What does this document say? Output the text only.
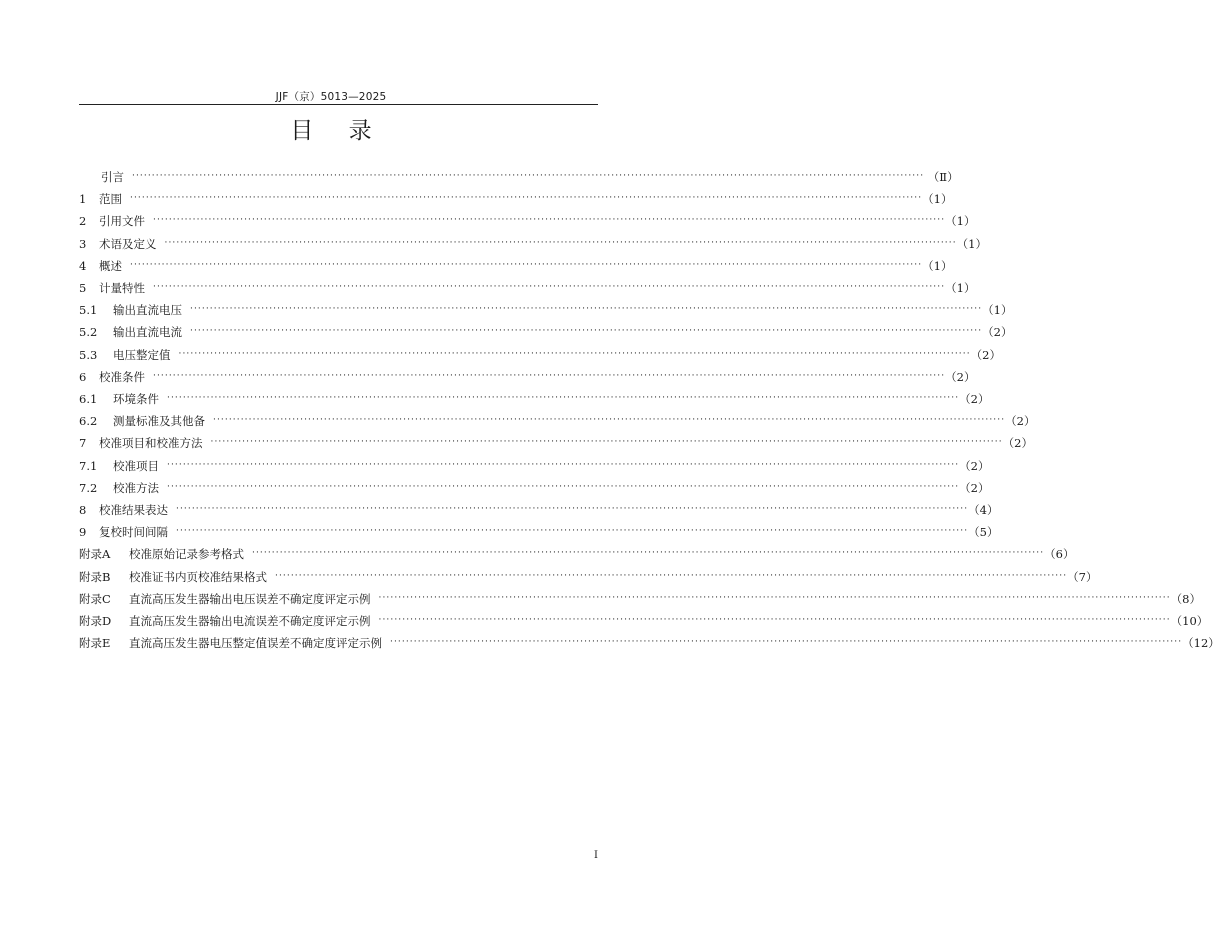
JJF（京）5013—2025
目 录
引言 ········································································································································································································ （Ⅱ）
1	范围 ········································································································································································································ （1）
2	引用文件 ········································································································································································································ （1）
3	术语及定义 ········································································································································································································ （1）
4	概述 ········································································································································································································ （1）
5	计量特性 ········································································································································································································ （1）
5.1	输出直流电压 ········································································································································································································ （1）
5.2	输出直流电流 ········································································································································································································ （2）
5.3	电压整定值 ········································································································································································································ （2）
6	校准条件 ········································································································································································································ （2）
6.1	环境条件 ········································································································································································································ （2）
6.2	测量标准及其他备 ········································································································································································································ （2）
7	校准项目和校准方法 ········································································································································································································ （2）
7.1	校准项目 ········································································································································································································ （2）
7.2	校准方法 ········································································································································································································ （2）
8	校准结果表达 ········································································································································································································ （4）
9	复校时间间隔 ········································································································································································································ （5）
附录A	校准原始记录参考格式 ········································································································································································································ （6）
附录B	校准证书内页校准结果格式 ········································································································································································································ （7）
附录C	直流高压发生器输出电压误差不确定度评定示例 ········································································································································································································ （8）
附录D	直流高压发生器输出电流误差不确定度评定示例 ········································································································································································································ （10）
附录E	直流高压发生器电压整定值误差不确定度评定示例 ········································································································································································································ （12）
I
